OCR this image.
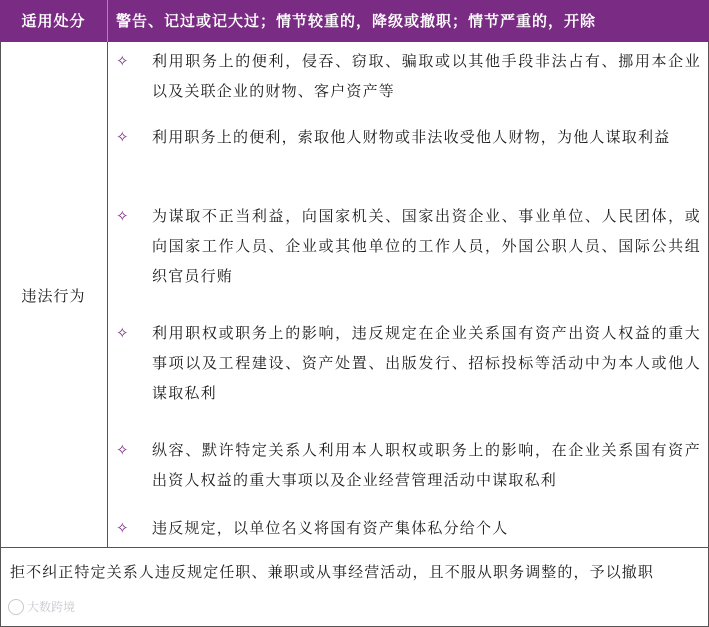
适用处分	警告、记过或记大过；情节较重的，降级或撤职；情节严重的，开除
违法行为
✧	利用职务上的便利，侵吞、窃取、骗取或以其他手段非法占有、挪用本企业以及关联企业的财物、客户资产等
✧	利用职务上的便利，索取他人财物或非法收受他人财物，为他人谋取利益
✧	为谋取不正当利益，向国家机关、国家出资企业、事业单位、人民团体，或向国家工作人员、企业或其他单位的工作人员，外国公职人员、国际公共组织官员行贿
✧	利用职权或职务上的影响，违反规定在企业关系国有资产出资人权益的重大事项以及工程建设、资产处置、出版发行、招标投标等活动中为本人或他人谋取私利
✧	纵容、默许特定关系人利用本人职权或职务上的影响，在企业关系国有资产出资人权益的重大事项以及企业经营管理活动中谋取私利
✧	违反规定，以单位名义将国有资产集体私分给个人
拒不纠正特定关系人违反规定任职、兼职或从事经营活动，且不服从职务调整的，予以撤职
大数跨境
